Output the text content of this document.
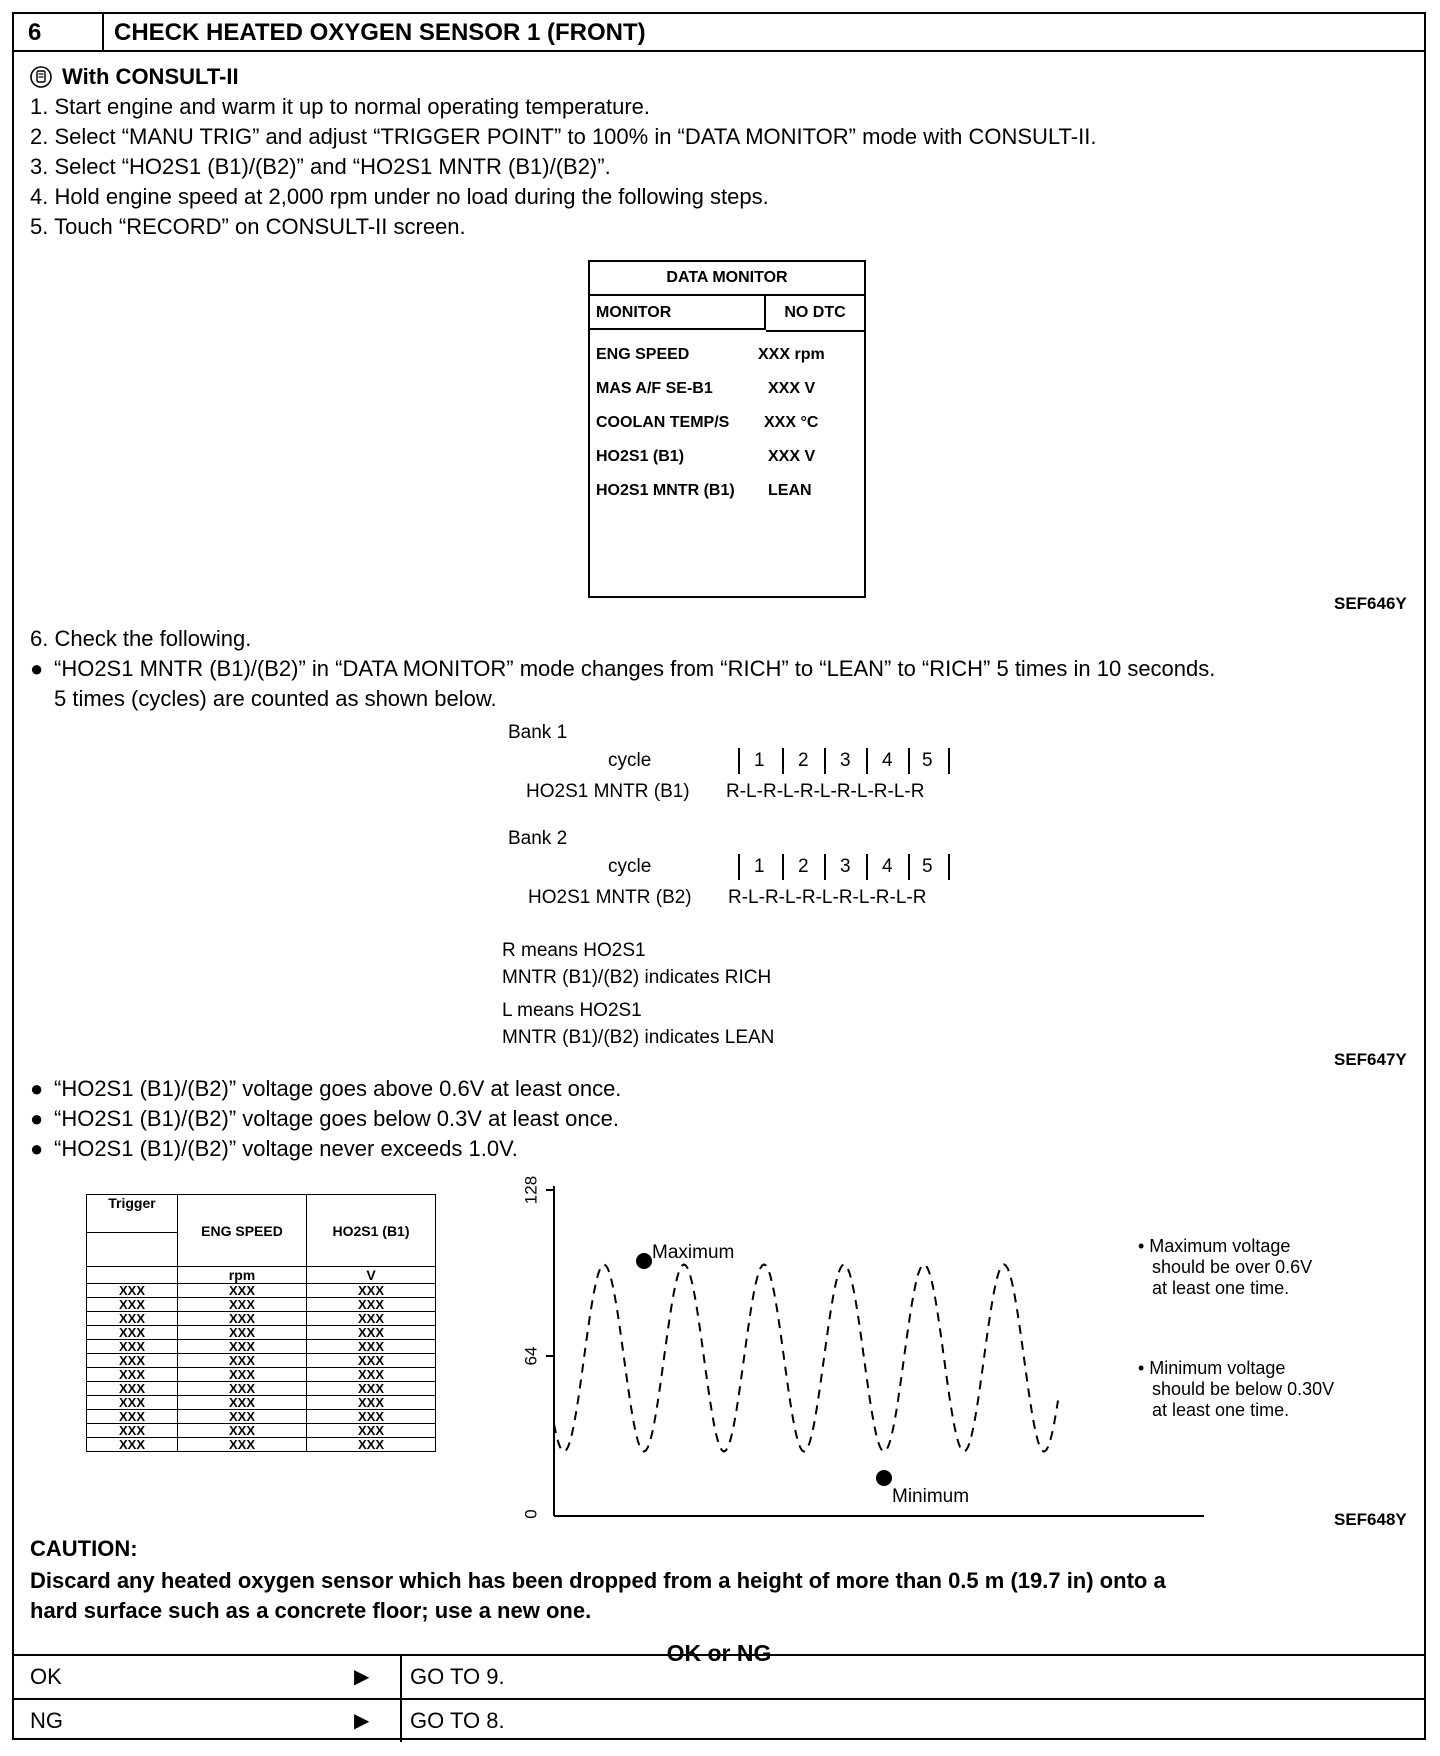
6	CHECK HEATED OXYGEN SENSOR 1 (FRONT)
With CONSULT-II
1. Start engine and warm it up to normal operating temperature.
2. Select “MANU TRIG” and adjust “TRIGGER POINT” to 100% in “DATA MONITOR” mode with CONSULT-II.
3. Select “HO2S1 (B1)/(B2)” and “HO2S1 MNTR (B1)/(B2)”.
4. Hold engine speed at 2,000 rpm under no load during the following steps.
5. Touch “RECORD” on CONSULT-II screen.
DATA MONITOR
MONITOR	NO DTC
ENG SPEED	XXX rpm
MAS A/F SE-B1	XXX V
COOLAN TEMP/S XXX °C
HO2S1 (B1)	XXX V
HO2S1 MNTR (B1) LEAN
SEF646Y
6. Check the following.
● “HO2S1 MNTR (B1)/(B2)” in “DATA MONITOR” mode changes from “RICH” to “LEAN” to “RICH” 5 times in 10 seconds.
5 times (cycles) are counted as shown below.
Bank 1
cycle	1 2 3 4 5
HO2S1 MNTR (B1) R-L-R-L-R-L-R-L-R-L-R
Bank 2
cycle	1 2 3 4 5
HO2S1 MNTR (B2) R-L-R-L-R-L-R-L-R-L-R
R means HO2S1
MNTR (B1)/(B2) indicates RICH
L means HO2S1
MNTR (B1)/(B2) indicates LEAN
SEF647Y
● “HO2S1 (B1)/(B2)” voltage goes above 0.6V at least once.
● “HO2S1 (B1)/(B2)” voltage goes below 0.3V at least once.
● “HO2S1 (B1)/(B2)” voltage never exceeds 1.0V.
Trigger	ENG SPEED	HO2S1 (B1)

	rpm	V
XXX	XXX	XXX
XXX	XXX	XXX
XXX	XXX	XXX
XXX	XXX	XXX
XXX	XXX	XXX
XXX	XXX	XXX
XXX	XXX	XXX
XXX	XXX	XXX
XXX	XXX	XXX
XXX	XXX	XXX
XXX	XXX	XXX
XXX	XXX	XXX
128
64
0
Maximum
Minimum
• Maximum voltage
should be over 0.6V
at least one time.
• Minimum voltage
should be below 0.30V
at least one time.
SEF648Y
CAUTION:
Discard any heated oxygen sensor which has been dropped from a height of more than 0.5 m (19.7 in) onto a
hard surface such as a concrete floor; use a new one.
OK or NG
OK	▶ GO TO 9.
NG	▶ GO TO 8.
